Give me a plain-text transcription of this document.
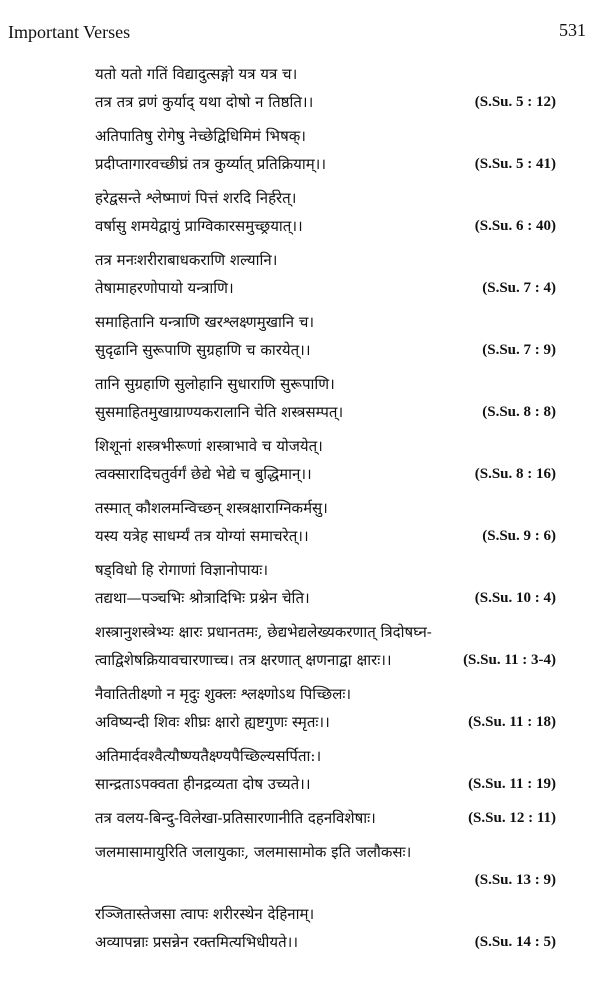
Important Verses	531
यतो यतो गतिं विद्यादुत्सङ्गो यत्र यत्र च।
तत्र तत्र व्रणं कुर्याद् यथा दोषो न तिष्ठति।।	(S.Su. 5 : 12)
अतिपातिषु रोगेषु नेच्छेद्विधिमिमं भिषक्।
प्रदीप्तागारवच्छीघ्रं तत्र कुर्य्यात् प्रतिक्रियाम्।।	(S.Su. 5 : 41)
हरेद्वसन्ते श्लेष्माणं पित्तं शरदि निर्हरेत्।
वर्षासु शमयेद्वायुं प्राग्विकारसमुच्छ्रयात्।।	(S.Su. 6 : 40)
तत्र मनःशरीराबाधकराणि शल्यानि।
तेषामाहरणोपायो यन्त्राणि।	(S.Su. 7 : 4)
समाहितानि यन्त्राणि खरश्लक्ष्णमुखानि च।
सुदृढानि सुरूपाणि सुग्रहाणि च कारयेत्।।	(S.Su. 7 : 9)
तानि सुग्रहाणि सुलोहानि सुधाराणि सुरूपाणि।
सुसमाहितमुखाग्राण्यकरालानि चेति शस्त्रसम्पत्।	(S.Su. 8 : 8)
शिशूनां शस्त्रभीरूणां शस्त्राभावे च योजयेत्।
त्वक्सारादिचतुर्वर्गं छेद्ये भेद्ये च बुद्धिमान्।।	(S.Su. 8 : 16)
तस्मात् कौशलमन्विच्छन् शस्त्रक्षाराग्निकर्मसु।
यस्य यत्रेह साधर्म्यं तत्र योग्यां समाचरेत्।।	(S.Su. 9 : 6)
षड्विधो हि रोगाणां विज्ञानोपायः।
तद्यथा—पञ्चभिः श्रोत्रादिभिः प्रश्नेन चेति।	(S.Su. 10 : 4)
शस्त्रानुशस्त्रेभ्यः क्षारः प्रधानतमः, छेद्यभेद्यलेख्यकरणात् त्रिदोषघ्न-
त्वाद्विशेषक्रियावचारणाच्च। तत्र क्षरणात् क्षणनाद्वा क्षारः।।	(S.Su. 11 : 3-4)
नैवातितीक्ष्णो न मृदुः शुक्लः श्लक्ष्णोऽथ पिच्छिलः।
अविष्यन्दी शिवः शीघ्रः क्षारो ह्यष्टगुणः स्मृतः।।	(S.Su. 11 : 18)
अतिमार्दवश्वैत्यौष्ण्यतैक्ष्ण्यपैच्छिल्यसर्पिता:।
सान्द्रताऽपक्वता हीनद्रव्यता दोष उच्यते।।	(S.Su. 11 : 19)
तत्र वलय-बिन्दु-विलेखा-प्रतिसारणानीति दहनविशेषाः।	(S.Su. 12 : 11)
जलमासामायुरिति जलायुकाः, जलमासामोक इति जलौकसः।
(S.Su. 13 : 9)
रञ्जितास्तेजसा त्वापः शरीरस्थेन देहिनाम्।
अव्यापन्नाः प्रसन्नेन रक्तमित्यभिधीयते।।	(S.Su. 14 : 5)
